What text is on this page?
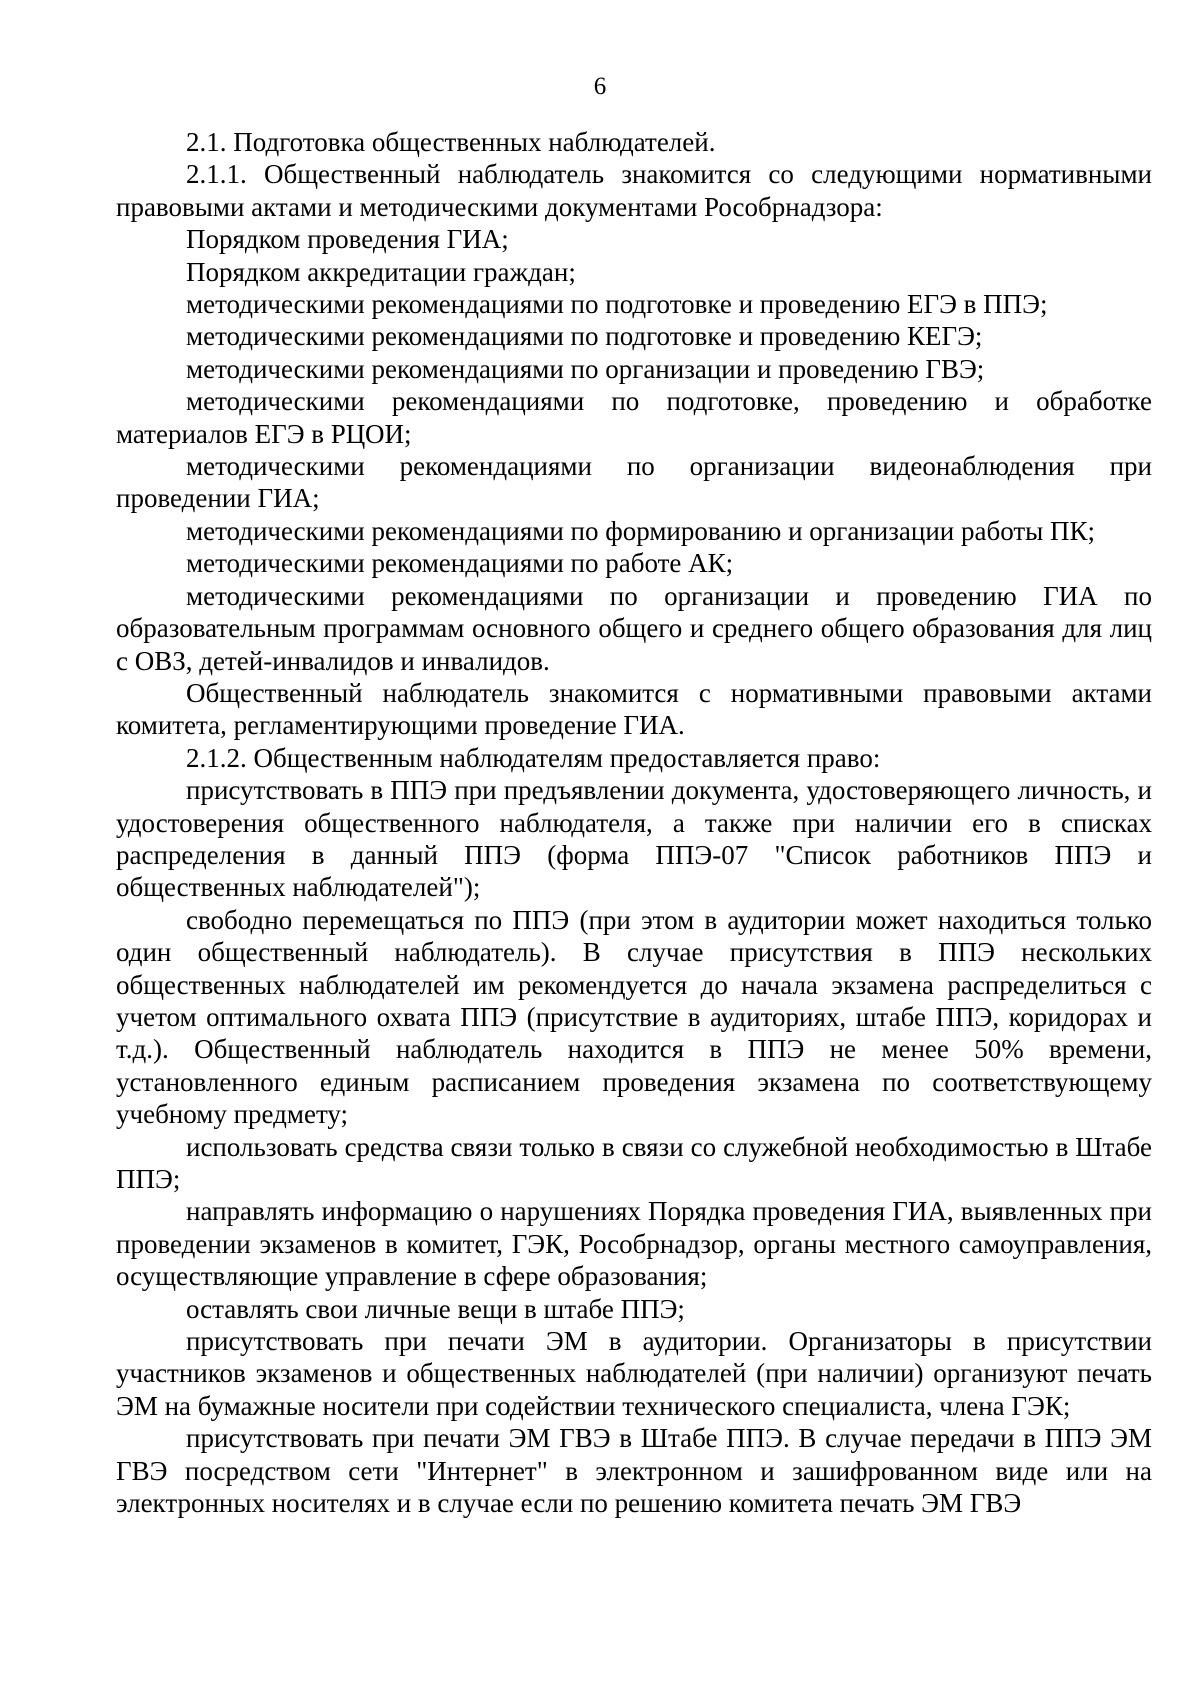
6

2.1. Подготовка общественных наблюдателей.

2.1.1. Общественный наблюдатель знакомится со следующими нормативными правовыми актами и методическими документами Рособрнадзора:

Порядком проведения ГИА;

Порядком аккредитации граждан;

методическими рекомендациями по подготовке и проведению ЕГЭ в ППЭ;

методическими рекомендациями по подготовке и проведению КЕГЭ;

методическими рекомендациями по организации и проведению ГВЭ;

методическими рекомендациями по подготовке, проведению и обработке материалов ЕГЭ в РЦОИ;

методическими рекомендациями по организации видеонаблюдения при проведении ГИА;

методическими рекомендациями по формированию и организации работы ПК;

методическими рекомендациями по работе АК;

методическими рекомендациями по организации и проведению ГИА по образовательным программам основного общего и среднего общего образования для лиц с ОВЗ, детей-инвалидов и инвалидов.

Общественный наблюдатель знакомится с нормативными правовыми актами комитета, регламентирующими проведение ГИА.

2.1.2. Общественным наблюдателям предоставляется право:

присутствовать в ППЭ при предъявлении документа, удостоверяющего личность, и удостоверения общественного наблюдателя, а также при наличии его в списках распределения в данный ППЭ (форма ППЭ-07 "Список работников ППЭ и общественных наблюдателей");

свободно перемещаться по ППЭ (при этом в аудитории может находиться только один общественный наблюдатель). В случае присутствия в ППЭ нескольких общественных наблюдателей им рекомендуется до начала экзамена распределиться с учетом оптимального охвата ППЭ (присутствие в аудиториях, штабе ППЭ, коридорах и т.д.). Общественный наблюдатель находится в ППЭ не менее 50% времени, установленного единым расписанием проведения экзамена по соответствующему учебному предмету;

использовать средства связи только в связи со служебной необходимостью в Штабе ППЭ;

направлять информацию о нарушениях Порядка проведения ГИА, выявленных при проведении экзаменов в комитет, ГЭК, Рособрнадзор, органы местного самоуправления, осуществляющие управление в сфере образования;

оставлять свои личные вещи в штабе ППЭ;

присутствовать при печати ЭМ в аудитории. Организаторы в присутствии участников экзаменов и общественных наблюдателей (при наличии) организуют печать ЭМ на бумажные носители при содействии технического специалиста, члена ГЭК;

присутствовать при печати ЭМ ГВЭ в Штабе ППЭ. В случае передачи в ППЭ ЭМ ГВЭ посредством сети "Интернет" в электронном и зашифрованном виде или на электронных носителях и в случае если по решению комитета печать ЭМ ГВЭ
